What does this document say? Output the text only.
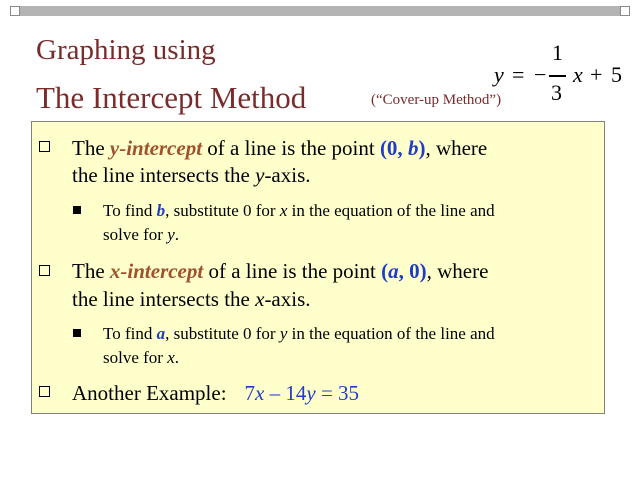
Graphing using
The Intercept Method	(“Cover-up Method”)
y = −
1
3
x + 5
The y-intercept of a line is the point (0, b), where
the line intersects the y-axis.
To find b, substitute 0 for x in the equation of the line and
solve for y.
The x-intercept of a line is the point (a, 0), where
the line intersects the x-axis.
To find a, substitute 0 for y in the equation of the line and
solve for x.
Another Example: 7x – 14y = 35
